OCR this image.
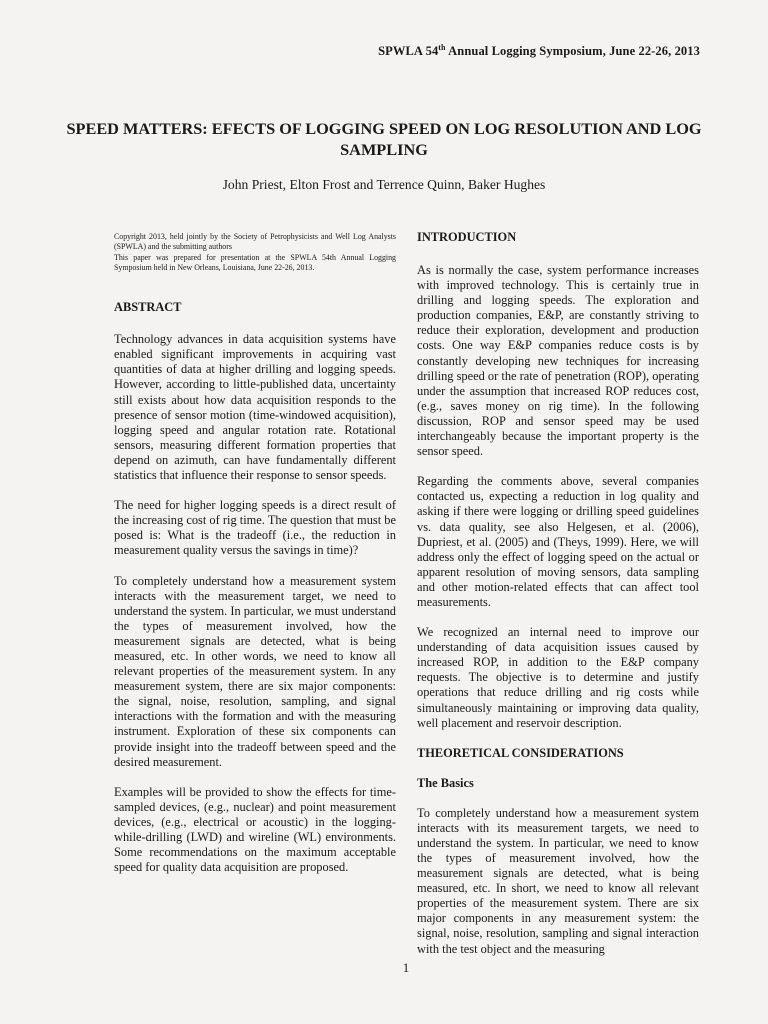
SPWLA 54th Annual Logging Symposium, June 22-26, 2013
SPEED MATTERS: EFECTS OF LOGGING SPEED ON LOG RESOLUTION AND LOG SAMPLING
John Priest, Elton Frost and Terrence Quinn, Baker Hughes

Copyright 2013, held jointly by the Society of Petrophysicists and Well Log Analysts (SPWLA) and the submitting authors

This paper was prepared for presentation at the SPWLA 54th Annual Logging Symposium held in New Orleans, Louisiana, June 22-26, 2013.

ABSTRACT

Technology advances in data acquisition systems have enabled significant improvements in acquiring vast quantities of data at higher drilling and logging speeds. However, according to little-published data, uncertainty still exists about how data acquisition responds to the presence of sensor motion (time-windowed acquisition), logging speed and angular rotation rate. Rotational sensors, measuring different formation properties that depend on azimuth, can have fundamentally different statistics that influence their response to sensor speeds.

The need for higher logging speeds is a direct result of the increasing cost of rig time. The question that must be posed is: What is the tradeoff (i.e., the reduction in measurement quality versus the savings in time)?

To completely understand how a measurement system interacts with the measurement target, we need to understand the system. In particular, we must understand the types of measurement involved, how the measurement signals are detected, what is being measured, etc. In other words, we need to know all relevant properties of the measurement system. In any measurement system, there are six major components: the signal, noise, resolution, sampling, and signal interactions with the formation and with the measuring instrument. Exploration of these six components can provide insight into the tradeoff between speed and the desired measurement.

Examples will be provided to show the effects for time-sampled devices, (e.g., nuclear) and point measurement devices, (e.g., electrical or acoustic) in the logging-while-drilling (LWD) and wireline (WL) environments. Some recommendations on the maximum acceptable speed for quality data acquisition are proposed.

INTRODUCTION

As is normally the case, system performance increases with improved technology. This is certainly true in drilling and logging speeds. The exploration and production companies, E&P, are constantly striving to reduce their exploration, development and production costs. One way E&P companies reduce costs is by constantly developing new techniques for increasing drilling speed or the rate of penetration (ROP), operating under the assumption that increased ROP reduces cost, (e.g., saves money on rig time). In the following discussion, ROP and sensor speed may be used interchangeably because the important property is the sensor speed.

Regarding the comments above, several companies contacted us, expecting a reduction in log quality and asking if there were logging or drilling speed guidelines vs. data quality, see also Helgesen, et al. (2006), Dupriest, et al. (2005) and (Theys, 1999). Here, we will address only the effect of logging speed on the actual or apparent resolution of moving sensors, data sampling and other motion-related effects that can affect tool measurements.

We recognized an internal need to improve our understanding of data acquisition issues caused by increased ROP, in addition to the E&P company requests. The objective is to determine and justify operations that reduce drilling and rig costs while simultaneously maintaining or improving data quality, well placement and reservoir description.

THEORETICAL CONSIDERATIONS
The Basics

To completely understand how a measurement system interacts with its measurement targets, we need to understand the system. In particular, we need to know the types of measurement involved, how the measurement signals are detected, what is being measured, etc. In short, we need to know all relevant properties of the measurement system. There are six major components in any measurement system: the signal, noise, resolution, sampling and signal interaction with the test object and the measuring

1
